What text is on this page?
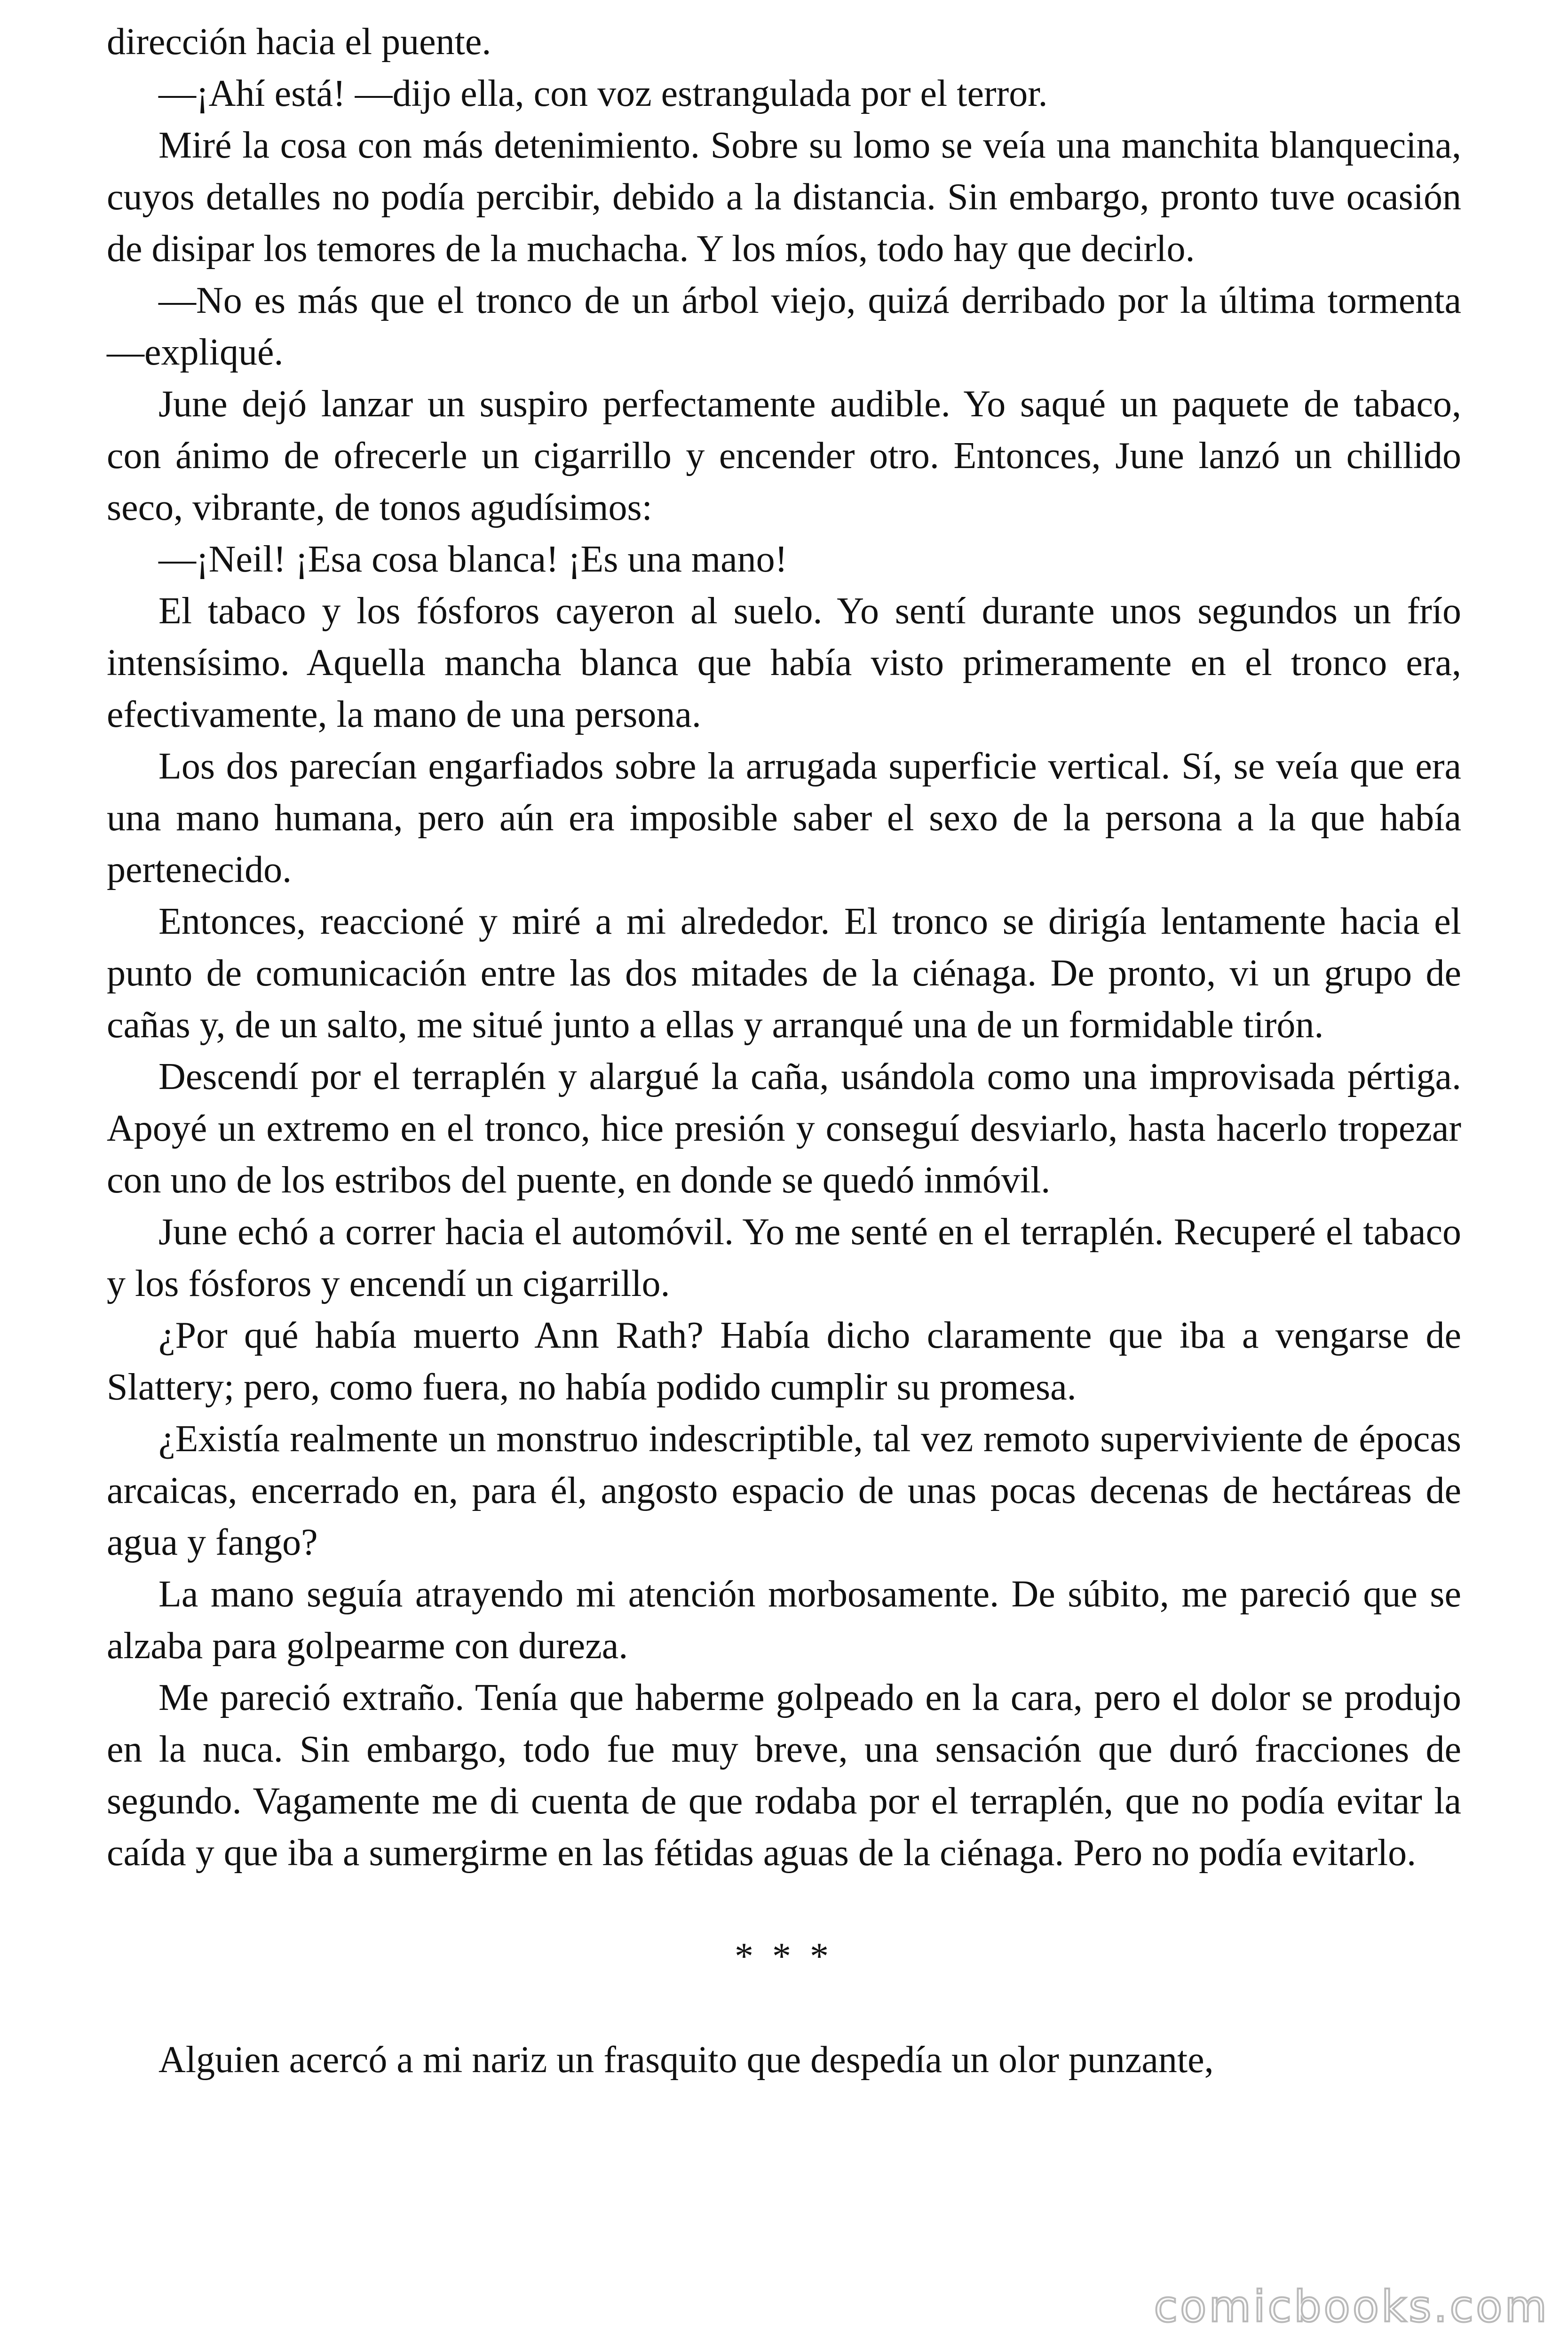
dirección hacia el puente.

—¡Ahí está! —dijo ella, con voz estrangulada por el terror.

Miré la cosa con más detenimiento. Sobre su lomo se veía una manchita blanquecina, cuyos detalles no podía percibir, debido a la distancia. Sin embargo, pronto tuve ocasión de disipar los temores de la muchacha. Y los míos, todo hay que decirlo.

—No es más que el tronco de un árbol viejo, quizá derribado por la última tormenta —expliqué.

June dejó lanzar un suspiro perfectamente audible. Yo saqué un paquete de tabaco, con ánimo de ofrecerle un cigarrillo y encender otro. Entonces, June lanzó un chillido seco, vibrante, de tonos agudísimos:

—¡Neil! ¡Esa cosa blanca! ¡Es una mano!

El tabaco y los fósforos cayeron al suelo. Yo sentí durante unos segundos un frío intensísimo. Aquella mancha blanca que había visto primeramente en el tronco era, efectivamente, la mano de una persona.

Los dos parecían engarfiados sobre la arrugada superficie vertical. Sí, se veía que era una mano humana, pero aún era imposible saber el sexo de la persona a la que había pertenecido.

Entonces, reaccioné y miré a mi alrededor. El tronco se dirigía lentamente hacia el punto de comunicación entre las dos mitades de la ciénaga. De pronto, vi un grupo de cañas y, de un salto, me situé junto a ellas y arranqué una de un formidable tirón.

Descendí por el terraplén y alargué la caña, usándola como una improvisada pértiga. Apoyé un extremo en el tronco, hice presión y conseguí desviarlo, hasta hacerlo tropezar con uno de los estribos del puente, en donde se quedó inmóvil.

June echó a correr hacia el automóvil. Yo me senté en el terraplén. Recuperé el tabaco y los fósforos y encendí un cigarrillo.

¿Por qué había muerto Ann Rath? Había dicho claramente que iba a vengarse de Slattery; pero, como fuera, no había podido cumplir su promesa.

¿Existía realmente un monstruo indescriptible, tal vez remoto superviviente de épocas arcaicas, encerrado en, para él, angosto espacio de unas pocas decenas de hectáreas de agua y fango?

La mano seguía atrayendo mi atención morbosamente. De súbito, me pareció que se alzaba para golpearme con dureza.

Me pareció extraño. Tenía que haberme golpeado en la cara, pero el dolor se produjo en la nuca. Sin embargo, todo fue muy breve, una sensación que duró fracciones de segundo. Vagamente me di cuenta de que rodaba por el terraplén, que no podía evitar la caída y que iba a sumergirme en las fétidas aguas de la ciénaga. Pero no podía evitarlo.

* * *

Alguien acercó a mi nariz un frasquito que despedía un olor punzante,

comicbooks.com
